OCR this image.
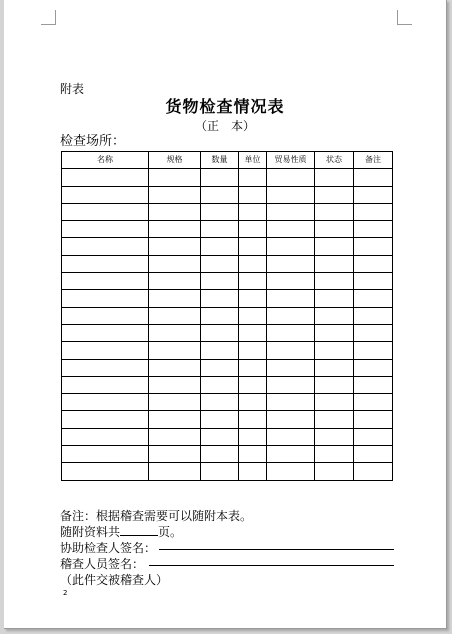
附表
货物检查情况表
（正　本）
检查场所：
名称	规格	数量	单位	贸易性质	状态	备注

备注：根据稽查需要可以随附本表。
随附资料共	页。
协助检查人签名：
稽查人员签名：
（此件交被稽查人）
2
